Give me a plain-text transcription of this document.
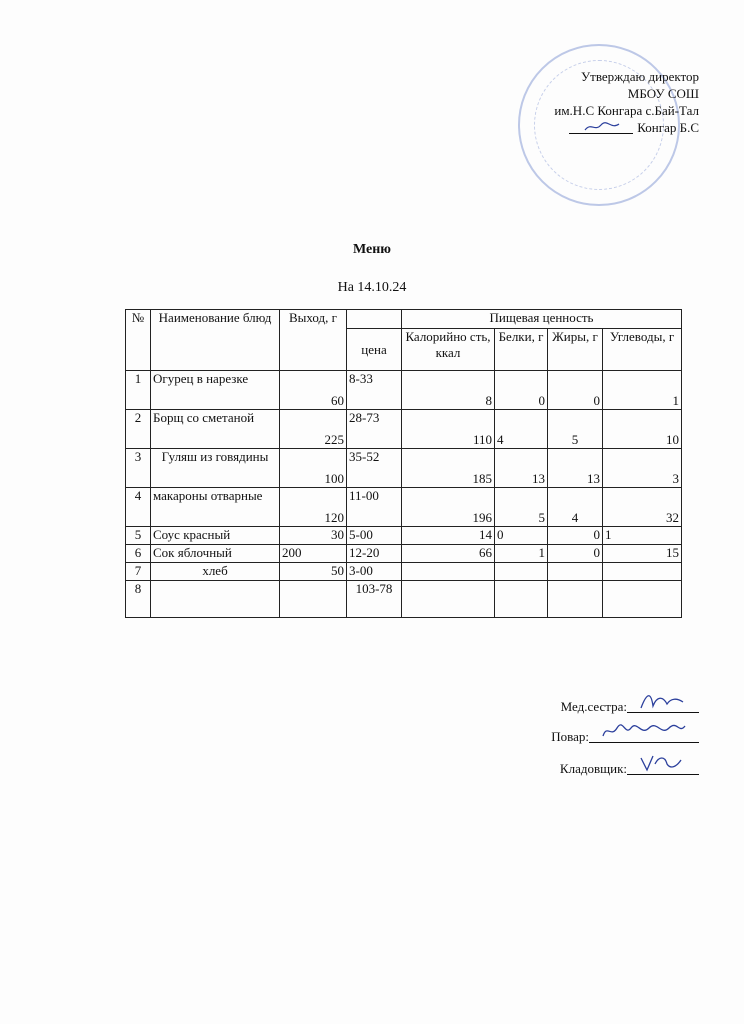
Утверждаю директор
МБОУ СОШ
им.Н.С Конгара с.Бай-Тал
Конгар Б.С
Меню
На 14.10.24
№	Наименование блюд	Выход, г		Пищевая ценность			
			цена	Калорийно сть, ккал	Белки, г	Жиры, г	Углеводы, г
1	Огурец в нарезке	60	8-33	8	0	0	1
2	Борщ со сметаной	225	28-73	110	4	5	10
3	Гуляш из говядины	100	35-52	185	13	13	3
4	макароны отварные	120	11-00	196	5	4	32
5	Соус красный	30	5-00	14	0	0	1
6	Сок яблочный	200	12-20	66	1	0	15
7	хлеб	50	3-00				
8			103-78				
Мед.сестра:
Повар:
Кладовщик:
